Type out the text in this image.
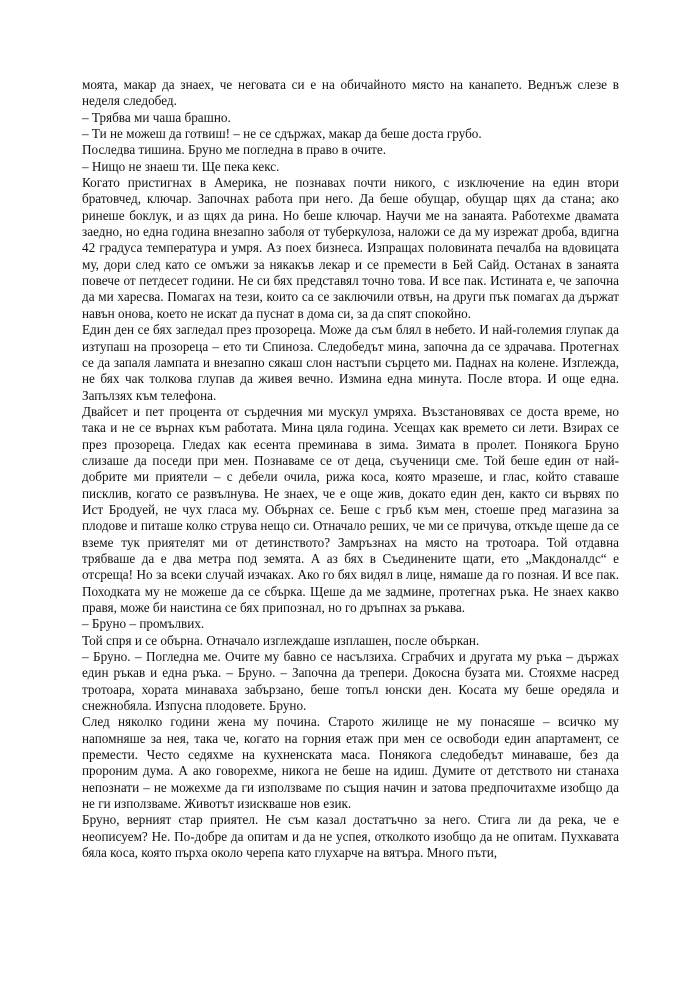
моята, макар да знаех, че неговата си е на обичайното място на канапето. Веднъж слезе в неделя следобед.

– Трябва ми чаша брашно.

– Ти не можеш да готвиш! – не се сдържах, макар да беше доста грубо.

Последва тишина. Бруно ме погледна в право в очите.

– Нищо не знаеш ти. Ще пека кекс.

Когато пристигнах в Америка, не познавах почти никого, с изключение на един втори братовчед, ключар. Започнах работа при него. Да беше обущар, обущар щях да стана; ако ринеше боклук, и аз щях да рина. Но беше ключар. Научи ме на занаята. Работехме двамата заедно, но една година внезапно заболя от туберкулоза, наложи се да му изрежат дроба, вдигна 42 градуса температура и умря. Аз поех бизнеса. Изпращах половината печалба на вдовицата му, дори след като се омъжи за някакъв лекар и се премести в Бей Сайд. Останах в занаята повече от петдесет години. Не си бях представял точно това. И все пак. Истината е, че започна да ми харесва. Помагах на тези, които са се заключили отвън, на други пък помагах да държат навън онова, което не искат да пуснат в дома си, за да спят спокойно.

Един ден се бях загледал през прозореца. Може да съм блял в небето. И най-големия глупак да изтупаш на прозореца – ето ти Спиноза. Следобедът мина, започна да се здрачава. Протегнах се да запаля лампата и внезапно сякаш слон настъпи сърцето ми. Паднах на колене. Изглежда, не бях чак толкова глупав да живея вечно. Измина една минута. После втора. И още една. Запълзях към телефона.

Двайсет и пет процента от сърдечния ми мускул умряха. Възстановявах се доста време, но така и не се върнах към работата. Мина цяла година. Усещах как времето си лети. Взирах се през прозореца. Гледах как есента преминава в зима. Зимата в пролет. Понякога Бруно слизаше да поседи при мен. Познаваме се от деца, съученици сме. Той беше един от най-добрите ми приятели – с дебели очила, рижа коса, която мразеше, и глас, който ставаше писклив, когато се развълнува. Не знаех, че е още жив, докато един ден, както си вървях по Ист Бродуей, не чух гласа му. Обърнах се. Беше с гръб към мен, стоеше пред магазина за плодове и питаше колко струва нещо си. Отначало реших, че ми се причува, откъде щеше да се вземе тук приятелят ми от детинството? Замръзнах на място на тротоара. Той отдавна трябваше да е два метра под земята. А аз бях в Съединените щати, ето „Макдоналдс“ е отсреща! Но за всеки случай изчаках. Ако го бях видял в лице, нямаше да го позная. И все пак. Походката му не можеше да се сбърка. Щеше да ме задмине, протегнах ръка. Не знаех какво правя, може би наистина се бях припознал, но го дръпнах за ръкава.

– Бруно – промълвих.

Той спря и се обърна. Отначало изглеждаше изплашен, после объркан.

– Бруно. – Погледна ме. Очите му бавно се насълзиха. Сграбчих и другата му ръка – държах един ръкав и една ръка. – Бруно. – Започна да трепери. Докосна бузата ми. Стояхме насред тротоара, хората минаваха забързано, беше топъл юнски ден. Косата му беше оредяла и снежнобяла. Изпусна плодовете. Бруно.

След няколко години жена му почина. Старото жилище не му понасяше – всичко му напомняше за нея, така че, когато на горния етаж при мен се освободи един апартамент, се премести. Често седяхме на кухненската маса. Понякога следобедът минаваше, без да пророним дума. А ако говорехме, никога не беше на идиш. Думите от детството ни станаха непознати – не можехме да ги използваме по същия начин и затова предпочитахме изобщо да не ги използваме. Животът изискваше нов език.

Бруно, верният стар приятел. Не съм казал достатъчно за него. Стига ли да река, че е неописуем? Не. По-добре да опитам и да не успея, отколкото изобщо да не опитам. Пухкавата бяла коса, която пърха около черепа като глухарче на вятъра. Много пъти,
